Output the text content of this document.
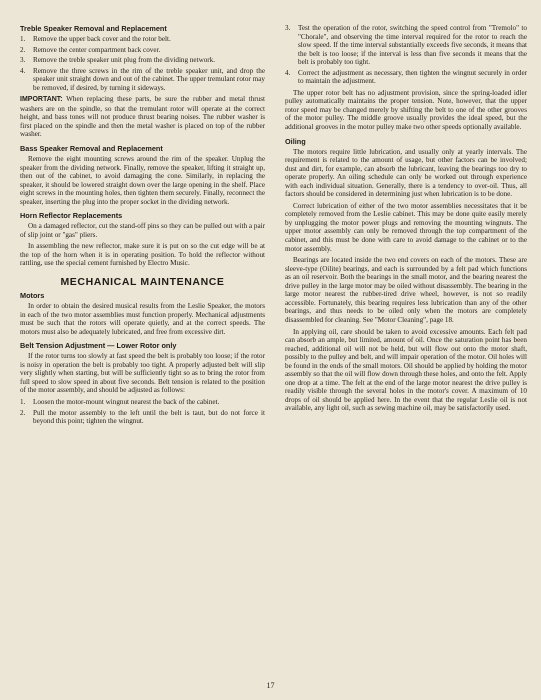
Treble Speaker Removal and Replacement
1. Remove the upper back cover and the rotor belt.
2. Remove the center compartment back cover.
3. Remove the treble speaker unit plug from the dividing network.
4. Remove the three screws in the rim of the treble speaker unit, and drop the speaker unit straight down and out of the cabinet. The upper tremulant rotor may be removed, if desired, by turning it sideways.

IMPORTANT: When replacing these parts, be sure the rubber and metal thrust washers are on the spindle, so that the tremulant rotor will operate at the correct height, and bass tones will not produce thrust bearing noises. The rubber washer is first placed on the spindle and then the metal washer is placed on top of the rubber washer.

Bass Speaker Removal and Replacement

Remove the eight mounting screws around the rim of the speaker. Unplug the speaker from the dividing network. Finally, remove the speaker, lifting it straight up, then out of the cabinet, to avoid damaging the cone. Similarly, in replacing the speaker, it should be lowered straight down over the large opening in the shelf. Place eight screws in the mounting holes, then tighten them securely. Finally, reconnect the speaker, inserting the plug into the proper socket in the dividing network.

Horn Reflector Replacements

On a damaged reflector, cut the stand-off pins so they can be pulled out with a pair of slip joint or "gas" pliers.

In assembling the new reflector, make sure it is put on so the cut edge will be at the top of the horn when it is in operating position. To hold the reflector without rattling, use the special cement furnished by Electro Music.

MECHANICAL MAINTENANCE
Motors

In order to obtain the desired musical results from the Leslie Speaker, the motors in each of the two motor assemblies must function properly. Mechanical adjustments must be such that the rotors will operate quietly, and at the correct speeds. The motors must also be adequately lubricated, and free from excessive dirt.

Belt Tension Adjustment — Lower Rotor only

If the rotor turns too slowly at fast speed the belt is probably too loose; if the rotor is noisy in operation the belt is probably too tight. A properly adjusted belt will slip very slightly when starting, but will be sufficiently tight so as to bring the rotor from full speed to slow speed in about five seconds. Belt tension is related to the position of the motor assembly, and should be adjusted as follows:

1. Loosen the motor-mount wingnut nearest the back of the cabinet.
2. Pull the motor assembly to the left until the belt is taut, but do not force it beyond this point; tighten the wingnut.
3. Test the operation of the rotor, switching the speed control from "Tremolo" to "Chorale", and observing the time interval required for the rotor to reach the slow speed. If the time interval substantially exceeds five seconds, it means that the belt is too loose; if the interval is less than five seconds it means that the belt is probably too tight.
4. Correct the adjustment as necessary, then tighten the wingnut securely in order to maintain the adjustment.

The upper rotor belt has no adjustment provision, since the spring-loaded idler pulley automatically maintains the proper tension. Note, however, that the upper rotor speed may be changed merely by shifting the belt to one of the other grooves of the motor pulley. The middle groove usually provides the ideal speed, but the additional grooves in the motor pulley make two other speeds optionally available.

Oiling

The motors require little lubrication, and usually only at yearly intervals. The requirement is related to the amount of usage, but other factors can be involved; dust and dirt, for example, can absorb the lubricant, leaving the bearings too dry to operate properly. An oiling schedule can only be worked out through experience with each individual situation. Generally, there is a tendency to over-oil. Thus, all factors should be considered in determining just when lubrication is to be done.

Correct lubrication of either of the two motor assemblies necessitates that it be completely removed from the Leslie cabinet. This may be done quite easily merely by unplugging the motor power plugs and removing the mounting wingnuts. The upper motor assembly can only be removed through the top compartment of the cabinet, and this must be done with care to avoid damage to the cabinet or to the motor assembly.

Bearings are located inside the two end covers on each of the motors. These are sleeve-type (Oilite) bearings, and each is surrounded by a felt pad which functions as an oil reservoir. Both the bearings in the small motor, and the bearing nearest the drive pulley in the large motor may be oiled without disassembly. The bearing in the large motor nearest the rubber-tired drive wheel, however, is not so readily accessible. Fortunately, this bearing requires less lubrication than any of the other bearings, and thus needs to be oiled only when the motors are completely disassembled for cleaning. See "Motor Cleaning", page 18.

In applying oil, care should be taken to avoid excessive amounts. Each felt pad can absorb an ample, but limited, amount of oil. Once the saturation point has been reached, additional oil will not be held, but will flow out onto the motor shaft, possibly to the pulley and belt, and will impair operation of the motor. Oil holes will be found in the ends of the small motors. Oil should be applied by holding the motor assembly so that the oil will flow down through these holes, and onto the felt. Apply one drop at a time. The felt at the end of the large motor nearest the drive pulley is readily visible through the several holes in the motor's cover. A maximum of 10 drops of oil should be applied here. In the event that the regular Leslie oil is not available, any light oil, such as sewing machine oil, may be satisfactorily used.

17
